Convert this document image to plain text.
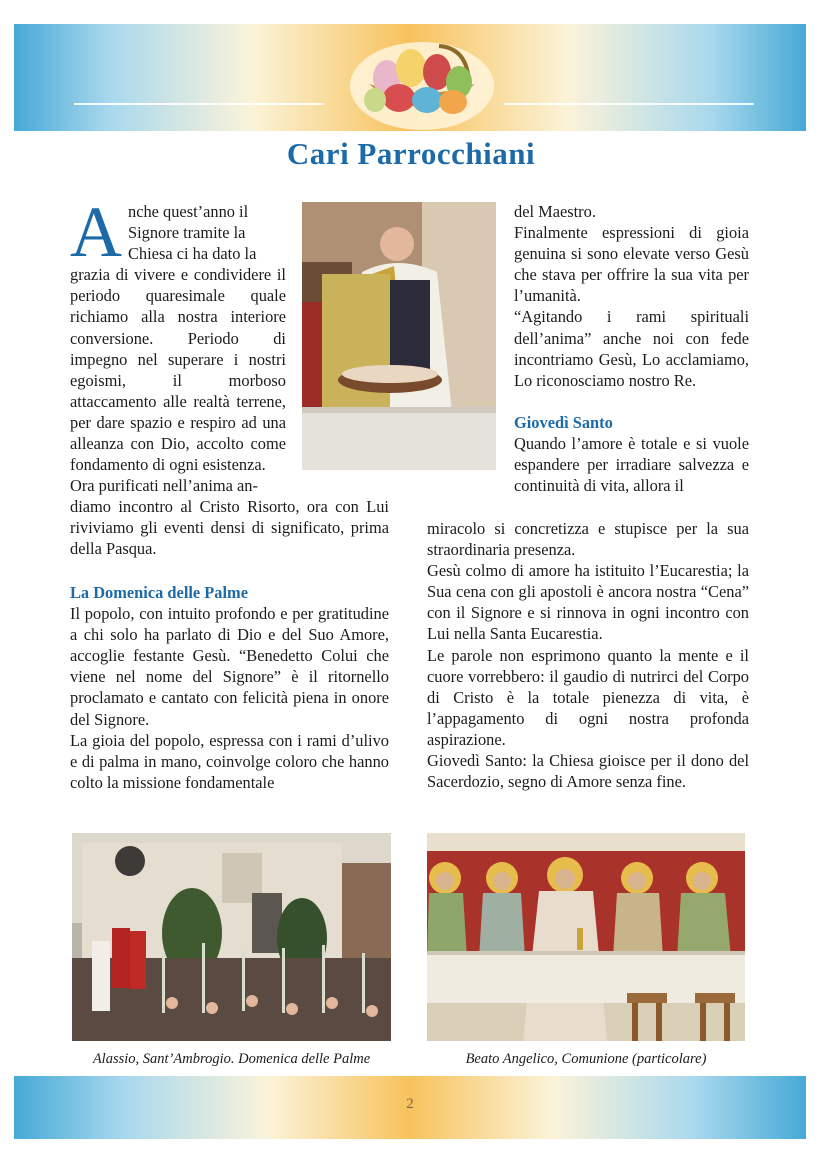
Cari Parrocchiani
A nche quest’anno il
Signore tramite la
Chiesa ci ha dato la

grazia di vivere e condividere il periodo quaresimale quale richiamo alla nostra interiore conversione. Periodo di impegno nel superare i nostri egoismi, il morboso attaccamento alle realtà terrene, per dare spazio e respiro ad una alleanza con Dio, accolto come fondamento di ogni esistenza.

Ora purificati nell’anima an-

diamo incontro al Cristo Risorto, ora con Lui riviviamo gli eventi densi di significato, prima della Pasqua.

La Domenica delle Palme

Il popolo, con intuito profondo e per gratitudine a chi solo ha parlato di Dio e del Suo Amore, accoglie festante Gesù. “Benedetto Colui che viene nel nome del Signore” è il ritornello proclamato e cantato con felicità piena in onore del Signore.

La gioia del popolo, espressa con i rami d’ulivo e di palma in mano, coinvolge coloro che hanno colto la missione fondamentale

del Maestro.

Finalmente espressioni di gioia genuina si sono elevate verso Gesù che stava per offrire la sua vita per l’umanità.

“Agitando i rami spirituali dell’anima” anche noi con fede incontriamo Gesù, Lo acclamiamo, Lo riconosciamo nostro Re.

Giovedì Santo

Quando l’amore è totale e si vuole espandere per irradiare salvezza e continuità di vita, allora il

miracolo si concretizza e stupisce per la sua straordinaria presenza.

Gesù colmo di amore ha istituito l’Eucarestia; la Sua cena con gli apostoli è ancora nostra “Cena” con il Signore e si rinnova in ogni incontro con Lui nella Santa Eucarestia.

Le parole non esprimono quanto la mente e il cuore vorrebbero: il gaudio di nutrirci del Corpo di Cristo è la totale pienezza di vita, è l’appagamento di ogni nostra profonda aspirazione.

Giovedì Santo: la Chiesa gioisce per il dono del Sacerdozio, segno di Amore senza fine.

Alassio, Sant’Ambrogio. Domenica delle Palme	Beato Angelico, Comunione (particolare)
2
